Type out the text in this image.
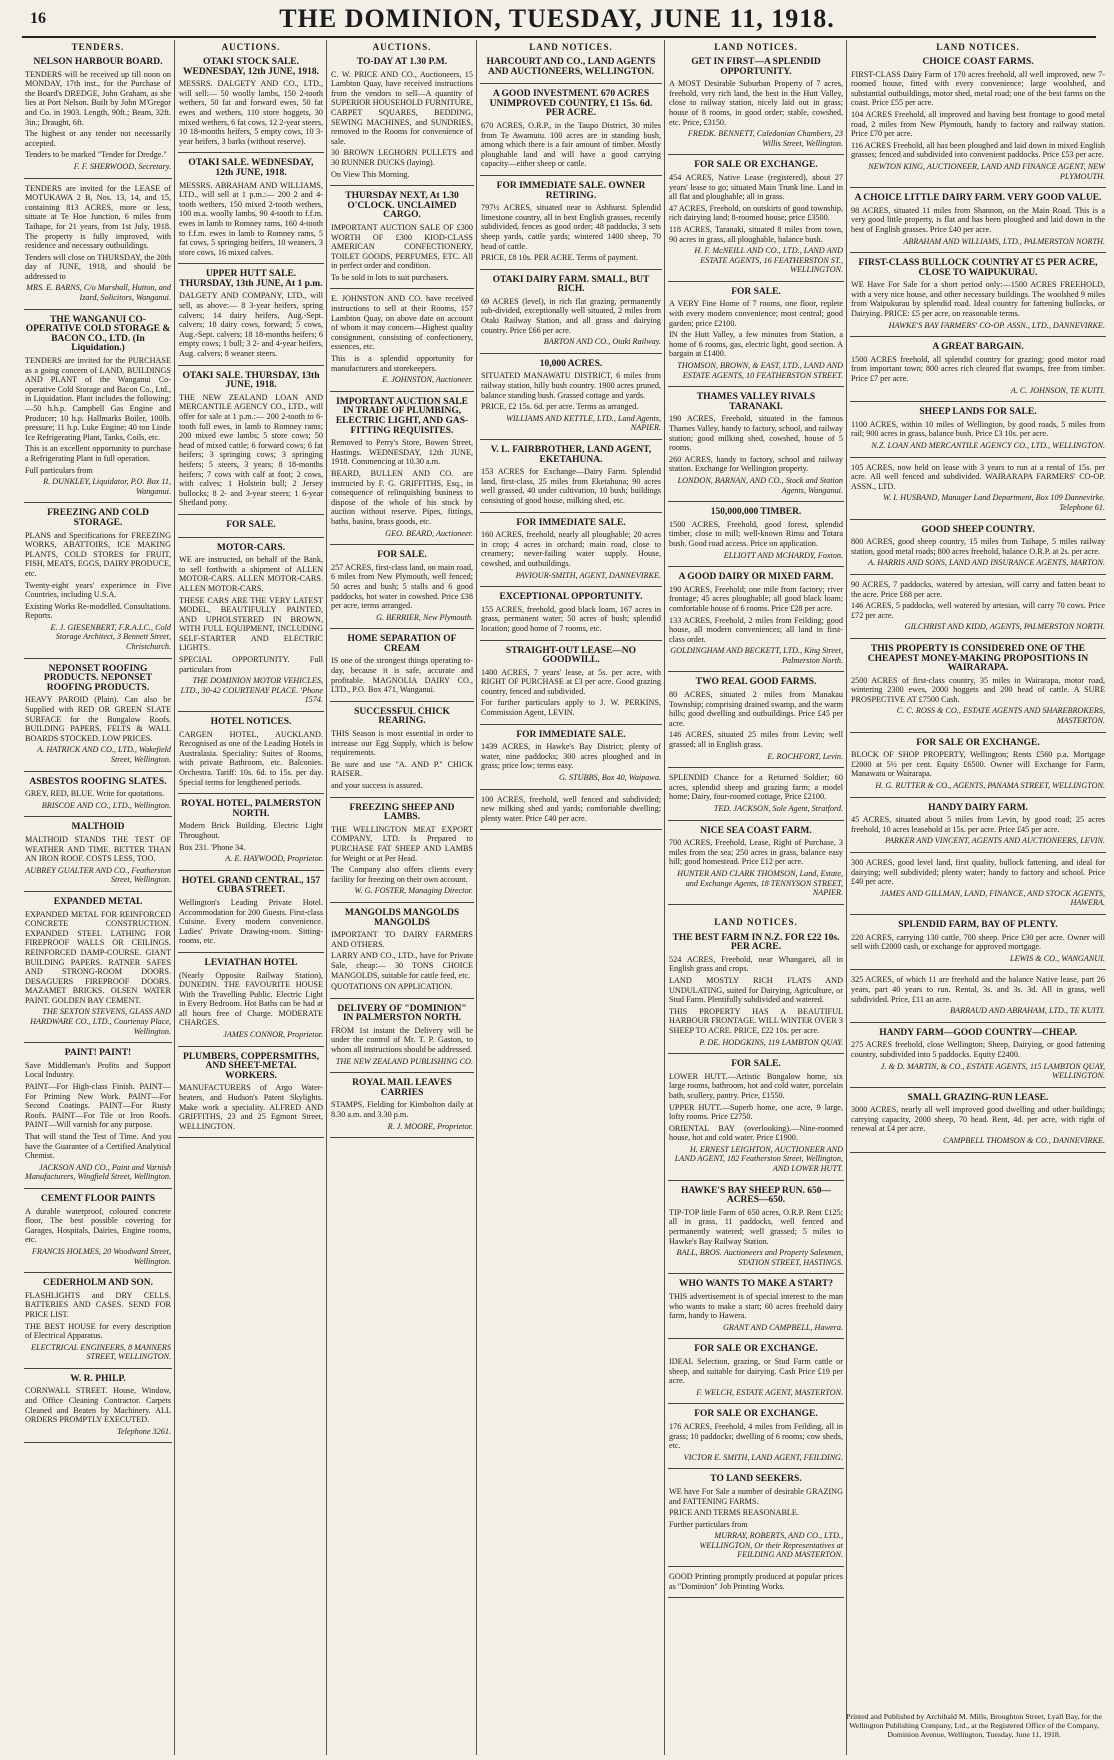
16	THE DOMINION, TUESDAY, JUNE 11, 1918.
TENDERS.
NELSON HARBOUR BOARD.

TENDERS will be received up till noon on MONDAY, 17th inst., for the Purchase of the Board's DREDGE, John Graham, as she lies at Port Nelson. Built by John M'Gregor and Co. in 1903. Length, 90ft.; Beam, 32ft. 3in.; Draught, 6ft.

The highest or any tender not necessarily accepted.

Tenders to be marked "Tender for Dredge."

F. F. SHERWOOD, Secretary.

TENDERS are invited for the LEASE of MOTUKAWA 2 B, Nos. 13, 14, and 15, containing 813 ACRES, more or less, situate at Te Hoe Junction, 6 miles from Taihape, for 21 years, from 1st July, 1918. The property is fully improved, with residence and necessary outbuildings.

Tenders will close on THURSDAY, the 20th day of JUNE, 1918, and should be addressed to

MRS. E. BARNS, C/o Marshall, Hutton, and Izard, Solicitors, Wanganui.

THE WANGANUI CO-OPERATIVE COLD STORAGE & BACON CO., LTD. (In Liquidation.)

TENDERS are invited for the PURCHASE as a going concern of LAND, BUILDINGS AND PLANT of the Wanganui Co-operative Cold Storage and Bacon Co., Ltd., in Liquidation. Plant includes the following:—50 h.h.p. Campbell Gas Engine and Producer; 10 h.p. Hallmarks Boiler, 100lb. pressure; 11 h.p. Luke Engine; 40 ton Linde Ice Refrigerating Plant, Tanks, Coils, etc.

This is an excellent opportunity to purchase a Refrigerating Plant in full operation.

Full particulars from

R. DUNKLEY, Liquidator, P.O. Box 11, Wanganui.

FREEZING AND COLD STORAGE.

PLANS and Specifications for FREEZING WORKS, ABATTOIRS, ICE MAKING PLANTS, COLD STORES for FRUIT, FISH, MEATS, EGGS, DAIRY PRODUCE, etc.

Twenty-eight years' experience in Five Countries, including U.S.A.

Existing Works Re-modelled. Consultations. Reports.

E. J. GIESENBERT, F.R.A.I.C., Cold Storage Architect, 3 Bennett Street, Christchurch.

NEPONSET ROOFING PRODUCTS. NEPONSET ROOFING PRODUCTS.

HEAVY PAROID (Plain). Can also be Supplied with RED OR GREEN SLATE SURFACE for the Bungalow Roofs. BUILDING PAPERS, FELTS & WALL BOARDS STOCKED. LOW PRICES.

A. HATRICK AND CO., LTD., Wakefield Street, Wellington.

ASBESTOS ROOFING SLATES.

GREY, RED, BLUE. Write for quotations.

BRISCOE AND CO., LTD., Wellington.

MALTHOID

MALTHOID STANDS THE TEST OF WEATHER AND TIME. BETTER THAN AN IRON ROOF. COSTS LESS, TOO.

AUBREY GUALTER AND CO., Featherston Street, Wellington.

EXPANDED METAL

EXPANDED METAL FOR REINFORCED CONCRETE CONSTRUCTION. EXPANDED STEEL LATHING FOR FIREPROOF WALLS OR CEILINGS. REINFORCED DAMP-COURSE. GIANT BUILDING PAPERS. RATNER SAFES AND STRONG-ROOM DOORS. DESAGUERS FIREPROOF DOORS. MAZAMET BRICKS. OLSEN WATER PAINT. GOLDEN BAY CEMENT.

THE SEXTON STEVENS, GLASS AND HARDWARE CO., LTD., Courtenay Place, Wellington.

PAINT! PAINT!

Save Middleman's Profits and Support Local Industry.

PAINT—For High-class Finish. PAINT—For Priming New Work. PAINT—For Second Coatings. PAINT—For Rusty Roofs. PAINT—For Tile or Iron Roofs. PAINT—Will varnish for any purpose.

That will stand the Test of Time. And you have the Guarantee of a Certified Analytical Chemist.

JACKSON AND CO., Paint and Varnish Manufacturers, Wingfield Street, Wellington.

CEMENT FLOOR PAINTS

A durable waterproof, coloured concrete floor, The best possible covering for Garages, Hospitals, Dairies, Engine rooms, etc.

FRANCIS HOLMES, 20 Woodward Street, Wellington.

CEDERHOLM AND SON.

FLASHLIGHTS and DRY CELLS. BATTERIES AND CASES. SEND FOR PRICE LIST.

THE BEST HOUSE for every description of Electrical Apparatus.

ELECTRICAL ENGINEERS, 8 MANNERS STREET, WELLINGTON.

W. R. PHILP.

CORNWALL STREET. House, Window, and Office Cleaning Contractor. Carpets Cleaned and Beaten by Machinery. ALL ORDERS PROMPTLY EXECUTED.

Telephone 3261.

AUCTIONS.
OTAKI STOCK SALE. WEDNESDAY, 12th JUNE, 1918.

MESSRS. DALGETY AND CO., LTD., will sell:— 50 woolly lambs, 150 2-tooth wethers, 50 fat and forward ewes, 50 fat ewes and wethers, 110 store hoggets, 30 mixed wethers, 6 fat cows, 12 2-year steers, 10 18-months heifers, 5 empty cows, 10 3-year heifers, 3 barks (without reserve).

OTAKI SALE. WEDNESDAY, 12th JUNE, 1918.

MESSRS. ABRAHAM AND WILLIAMS, LTD., will sell at 1 p.m.:— 200 2 and 4-tooth wethers, 150 mixed 2-tooth wethers, 100 m.a. woolly lambs, 90 4-tooth to f.f.m. ewes in lamb to Romney rams, 160 4-tooth to f.f.m. ewes in lamb to Romney rams, 5 fat cows, 5 springing heifers, 10 weaners, 3 store cows, 16 mixed calves.

UPPER HUTT SALE. THURSDAY, 13th JUNE, At 1 p.m.

DALGETY AND COMPANY, LTD., will sell, as above:— 8 3-year heifers, spring calvers; 14 dairy heifers, Aug.-Sept. calvers; 18 dairy cows, forward; 5 cows, Aug.-Sept. calvers; 18 18-months heifers; 6 empty cows; 1 bull; 3 2- and 4-year heifers, Aug. calvers; 8 weaner steers.

OTAKI SALE. THURSDAY, 13th JUNE, 1918.

THE NEW ZEALAND LOAN AND MERCANTILE AGENCY CO., LTD., will offer for sale at 1 p.m.:— 200 2-tooth to 6-tooth full ewes, in lamb to Romney rams; 200 mixed ewe lambs; 5 store cows; 50 head of mixed cattle; 6 forward cows; 6 fat heifers; 3 springing cows; 3 springing heifers; 5 steers, 3 years; 8 18-months heifers; 7 cows with calf at foot; 2 cows, with calves; 1 Holstein bull; 2 Jersey bullocks; 8 2- and 3-year steers; 1 6-year Shetland pony.

FOR SALE.
MOTOR-CARS.

WE are instructed, on behalf of the Bank, to sell forthwith a shipment of ALLEN MOTOR-CARS. ALLEN MOTOR-CARS. ALLEN MOTOR-CARS.

THESE CARS ARE THE VERY LATEST MODEL, BEAUTIFULLY PAINTED, AND UPHOLSTERED IN BROWN, WITH FULL EQUIPMENT, INCLUDING SELF-STARTER AND ELECTRIC LIGHTS.

SPECIAL OPPORTUNITY. Full particulars from

THE DOMINION MOTOR VEHICLES, LTD., 30-42 COURTENAY PLACE. 'Phone 1574.

HOTEL NOTICES.

CARGEN HOTEL, AUCKLAND. Recognised as one of the Leading Hotels in Australasia. Speciality: Suites of Rooms, with private Bathroom, etc. Balconies. Orchestra. Tariff: 10s. 6d. to 15s. per day. Special terms for lengthened periods.

ROYAL HOTEL, PALMERSTON NORTH.

Modern Brick Building. Electric Light Throughout.

Box 231. 'Phone 34.

A. E. HAYWOOD, Proprietor.

HOTEL GRAND CENTRAL, 157 CUBA STREET.

Wellington's Leading Private Hotel. Accommodation for 200 Guests. First-class Cuisine. Every modern convenience. Ladies' Private Drawing-room. Sitting-rooms, etc.

LEVIATHAN HOTEL

(Nearly Opposite Railway Station), DUNEDIN. THE FAVOURITE HOUSE With the Travelling Public. Electric Light in Every Bedroom. Hot Baths can be had at all hours free of Charge. MODERATE CHARGES.

JAMES CONNOR, Proprietor.

PLUMBERS, COPPERSMITHS, AND SHEET-METAL WORKERS.

MANUFACTURERS of Argo Water-heaters, and Hudson's Patent Skylights. Make work a speciality. ALFRED AND GRIFFITHS, 23 and 25 Egmont Street, WELLINGTON.

AUCTIONS.
TO-DAY AT 1.30 P.M.

C. W. PRICE AND CO., Auctioneers, 15 Lambton Quay, have received instructions from the vendors to sell—A quantity of SUPERIOR HOUSEHOLD FURNITURE, CARPET SQUARES, BEDDING, SEWING MACHINES, and SUNDRIES, removed to the Rooms for convenience of sale.

30 BROWN LEGHORN PULLETS and 30 RUNNER DUCKS (laying).

On View This Morning.

THURSDAY NEXT, At 1.30 O'CLOCK. UNCLAIMED CARGO.

IMPORTANT AUCTION SALE OF £300 WORTH OF £300 KIOD-CLASS AMERICAN CONFECTIONERY, TOILET GOODS, PERFUMES, ETC. All in perfect order and condition.

To be sold in lots to suit purchasers.

E. JOHNSTON AND CO. have received instructions to sell at their Rooms, 157 Lambton Quay, on above date on account of whom it may concern—Highest quality consignment, consisting of confectionery, essences, etc.

This is a splendid opportunity for manufacturers and storekeepers.

E. JOHNSTON, Auctioneer.

IMPORTANT AUCTION SALE IN TRADE OF PLUMBING, ELECTRIC LIGHT, AND GAS-FITTING REQUISITES.

Removed to Perry's Store, Bowen Street, Hastings. WEDNESDAY, 12th JUNE, 1918. Commencing at 10.30 a.m.

BEARD, BULLEN AND CO. are instructed by F. G. GRIFFITHS, Esq., in consequence of relinquishing business to dispose of the whole of his stock by auction without reserve. Pipes, fittings, baths, basins, brass goods, etc.

GEO. BEARD, Auctioneer.

FOR SALE.

257 ACRES, first-class land, on main road, 6 miles from New Plymouth, well fenced; 50 acres and bush; 5 stalls and 6 good paddocks, hot water in cowshed. Price £38 per acre, terms arranged.

G. BERRIER, New Plymouth.

HOME SEPARATION OF CREAM

IS one of the strongest things operating to-day, because it is safe, accurate and profitable. MAGNOLIA DAIRY CO., LTD., P.O. Box 471, Wanganui.

SUCCESSFUL CHICK REARING.

THIS Season is most essential in order to increase our Egg Supply, which is below requirements.

Be sure and use "A. AND P." CHICK RAISER.

and your success is assured.

FREEZING SHEEP AND LAMBS.

THE WELLINGTON MEAT EXPORT COMPANY, LTD. Is Prepared to PURCHASE FAT SHEEP AND LAMBS for Weight or at Per Head.

The Company also offers clients every facility for freezing on their own account.

W. G. FOSTER, Managing Director.

MANGOLDS MANGOLDS MANGOLDS

IMPORTANT TO DAIRY FARMERS AND OTHERS.

LARRY AND CO., LTD., have for Private Sale, cheap:— 30 TONS CHOICE MANGOLDS, suitable for cattle feed, etc.

QUOTATIONS ON APPLICATION.

DELIVERY OF "DOMINION" IN PALMERSTON NORTH.

FROM 1st instant the Delivery will be under the control of Mr. T. P. Gaston, to whom all instructions should be addressed.

THE NEW ZEALAND PUBLISHING CO.

ROYAL MAIL LEAVES CARRIES

STAMPS, Fielding for Kimbolton daily at 8.30 a.m. and 3.30 p.m.

R. J. MOORE, Proprietor.

LAND NOTICES.
HARCOURT AND CO., LAND AGENTS AND AUCTIONEERS, WELLINGTON.
A GOOD INVESTMENT. 670 ACRES UNIMPROVED COUNTRY, £1 15s. 6d. PER ACRE.

670 ACRES, O.R.P., in the Taupo District, 30 miles from Te Awamutu. 100 acres are in standing bush, among which there is a fair amount of timber. Mostly ploughable land and will have a good carrying capacity—either sheep or cattle.

FOR IMMEDIATE SALE. OWNER RETIRING.

797½ ACRES, situated near to Ashhurst. Splendid limestone country, all in best English grasses, recently subdivided, fences as good order; 48 paddocks, 3 sets sheep yards, cattle yards; wintered 1400 sheep, 70 head of cattle.

PRICE, £8 10s. PER ACRE. Terms of payment.

OTAKI DAIRY FARM. SMALL, BUT RICH.

69 ACRES (level), in rich flat grazing, permanently sub-divided, exceptionally well situated, 2 miles from Otaki Railway Station, and all grass and dairying country. Price £66 per acre.

BARTON AND CO., Otaki Railway.

10,000 ACRES.

SITUATED MANAWATU DISTRICT, 6 miles from railway station, hilly bush country. 1900 acres pruned, balance standing bush. Grassed cottage and yards.

PRICE, £2 15s. 6d. per acre. Terms as arranged.

WILLIAMS AND KETTLE, LTD., Land Agents, NAPIER.

V. L. FAIRBROTHER, LAND AGENT, EKETAHUNA.

153 ACRES for Exchange—Dairy Farm. Splendid land, first-class, 25 miles from Eketahuna; 90 acres well grassed, 40 under cultivation, 10 bush; buildings consisting of good house, milking shed, etc.

FOR IMMEDIATE SALE.

160 ACRES, freehold, nearly all ploughable; 20 acres in crop; 4 acres in orchard; main road, close to creamery; never-failing water supply. House, cowshed, and outbuildings.

PAVIOUR-SMITH, AGENT, DANNEVIRKE.

EXCEPTIONAL OPPORTUNITY.

155 ACRES, freehold, good black loam, 167 acres in grass, permanent water; 50 acres of bush; splendid location; good home of 7 rooms, etc.

STRAIGHT-OUT LEASE—NO GOODWILL.

1400 ACRES, 7 years' lease, at 5s. per acre, with RIGHT OF PURCHASE at £3 per acre. Good grazing country, fenced and subdivided.

For further particulars apply to J. W. PERKINS, Commission Agent, LEVIN.

FOR IMMEDIATE SALE.

1439 ACRES, in Hawke's Bay District; plenty of water, nine paddocks; 300 acres ploughed and in grass; price low; terms easy.

G. STUBBS, Box 40, Waipawa.

100 ACRES, freehold, well fenced and subdivided; new milking shed and yards; comfortable dwelling; plenty water. Price £40 per acre.

LAND NOTICES.
GET IN FIRST—A SPLENDID OPPORTUNITY.

A MOST Desirable Suburban Property of 7 acres, freehold, very rich land, the best in the Hutt Valley, close to railway station, nicely laid out in grass; house of 8 rooms, in good order; stable, cowshed, etc. Price, £3150.

FREDK. BENNETT, Caledonian Chambers, 23 Willis Street, Wellington.

FOR SALE OR EXCHANGE.

454 ACRES, Native Lease (registered), about 27 years' lease to go; situated Main Trunk line. Land in all flat and ploughable; all in grass.

47 ACRES, Freehold, on outskirts of good township, rich dairying land; 8-roomed house; price £3500.

118 ACRES, Taranaki, situated 8 miles from town, 90 acres in grass, all ploughable, balance bush.

H. F. McNEILL AND CO., LTD., LAND AND ESTATE AGENTS, 16 FEATHERSTON ST., WELLINGTON.

FOR SALE.

A VERY Fine Home of 7 rooms, one floor, replete with every modern convenience; most central; good garden; price £2100.

IN the Hutt Valley, a few minutes from Station, a home of 6 rooms, gas, electric light, good section. A bargain at £1400.

THOMSON, BROWN, & EAST, LTD., LAND AND ESTATE AGENTS, 10 FEATHERSTON STREET.

THAMES VALLEY RIVALS TARANAKI.

190 ACRES, Freehold, situated in the famous Thames Valley, handy to factory, school, and railway station; good milking shed, cowshed, house of 5 rooms.

260 ACRES, handy to factory, school and railway station. Exchange for Wellington property.

LONDON, BARNAN, AND CO., Stock and Station Agents, Wanganui.

150,000,000 TIMBER.

1500 ACRES, Freehold, good forest, splendid timber, close to mill; well-known Rimu and Totara bush. Good road access. Price on application.

ELLIOTT AND MCHARDY, Foxton.

A GOOD DAIRY OR MIXED FARM.

190 ACRES, Freehold; one mile from factory; river frontage; 45 acres ploughable; all good black loam; comfortable house of 6 rooms. Price £28 per acre.

133 ACRES, Freehold, 2 miles from Feilding; good house, all modern conveniences; all land in first-class order.

GOLDINGHAM AND BECKETT, LTD., King Street, Palmerston North.

TWO REAL GOOD FARMS.

80 ACRES, situated 2 miles from Manakau Township; comprising drained swamp, and the warm hills; good dwelling and outbuildings. Price £45 per acre.

146 ACRES, situated 25 miles from Levin; well grassed; all in English grass.

E. ROCHFORT, Levin.

SPLENDID Chance for a Returned Soldier; 60 acres, splendid sheep and grazing farm; a model home; Dairy, four-roomed cottage, Price £2100.

TED. JACKSON, Sole Agent, Stratford.

NICE SEA COAST FARM.

700 ACRES, Freehold, Lease, Right of Purchase, 3 miles from the sea; 250 acres in grass, balance easy hill; good homestead. Price £12 per acre.

HUNTER AND CLARK THOMSON, Land, Estate, and Exchange Agents, 18 TENNYSON STREET, NAPIER.

LAND NOTICES.
THE BEST FARM IN N.Z. FOR £22 10s. PER ACRE.

524 ACRES, Freehold, near Whangarei, all in English grass and crops.

LAND MOSTLY RICH FLATS AND UNDULATING, suited for Dairying, Agriculture, or Stud Farm. Plentifully subdivided and watered.

THIS PROPERTY HAS A BEAUTIFUL HARBOUR FRONTAGE. WILL WINTER OVER 3 SHEEP TO ACRE. PRICE, £22 10s. per acre.

P. DE. HODGKINS, 119 LAMBTON QUAY.

FOR SALE.

LOWER HUTT.—Artistic Bungalow home, six large rooms, bathroom, hot and cold water, porcelain bath, scullery, pantry. Price, £1550.

UPPER HUTT.—Superb home, one acre, 9 large, lofty rooms. Price £2750.

ORIENTAL BAY (overlooking).—Nine-roomed house, hot and cold water. Price £1900.

H. ERNEST LEIGHTON, AUCTIONEER AND LAND AGENT, 182 Featherston Street, Wellington, AND LOWER HUTT.

HAWKE'S BAY SHEEP RUN. 650—ACRES—650.

TIP-TOP little Farm of 650 acres, O.R.P. Rent £125; all in grass, 11 paddocks, well fenced and permanently watered; well grassed; 5 miles to Hawke's Bay Railway Station.

BALL, BROS. Auctioneers and Property Salesmen, STATION STREET, HASTINGS.

WHO WANTS TO MAKE A START?

THIS advertisement is of special interest to the man who wants to make a start; 60 acres freehold dairy farm, handy to Hawera.

GRANT AND CAMPBELL, Hawera.

FOR SALE OR EXCHANGE.

IDEAL Selection, grazing, or Stud Farm cattle or sheep, and suitable for dairying. Cash Price £19 per acre.

F. WELCH, ESTATE AGENT, MASTERTON.

FOR SALE OR EXCHANGE.

176 ACRES, Freehold, 4 miles from Feilding, all in grass; 10 paddocks; dwelling of 6 rooms; cow sheds, etc.

VICTOR E. SMITH, LAND AGENT, FEILDING.

TO LAND SEEKERS.

WE have For Sale a number of desirable GRAZING and FATTENING FARMS.

PRICE AND TERMS REASONABLE.

Further particulars from

MURRAY, ROBERTS, AND CO., LTD., WELLINGTON, Or their Representatives at FEILDING AND MASTERTON.

GOOD Printing promptly produced at popular prices as "Dominion" Job Printing Works.

LAND NOTICES.
CHOICE COAST FARMS.

FIRST-CLASS Dairy Farm of 170 acres freehold, all well improved, new 7-roomed house, fitted with every convenience; large woolshed, and substantial outbuildings, motor shed, metal road; one of the best farms on the coast. Price £55 per acre.

104 ACRES Freehold, all improved and having best frontage to good metal road, 2 miles from New Plymouth, handy to factory and railway station. Price £70 per acre.

116 ACRES Freehold, all has been ploughed and laid down in mixed English grasses; fenced and subdivided into convenient paddocks. Price £53 per acre.

NEWTON KING, AUCTIONEER, LAND AND FINANCE AGENT, NEW PLYMOUTH.

A CHOICE LITTLE DAIRY FARM. VERY GOOD VALUE.

98 ACRES, situated 11 miles from Shannon, on the Main Road. This is a very good little property, is flat and has been ploughed and laid down in the best of English grasses. Price £40 per acre.

ABRAHAM AND WILLIAMS, LTD., PALMERSTON NORTH.

FIRST-CLASS BULLOCK COUNTRY AT £5 PER ACRE, CLOSE TO WAIPUKURAU.

WE Have For Sale for a short period only:—1500 ACRES FREEHOLD, with a very nice house, and other necessary buildings. The woolshed 9 miles from Waipukurau by splendid road. Ideal country for fattening bullocks, or Dairying. PRICE: £5 per acre, on reasonable terms.

HAWKE'S BAY FARMERS' CO-OP. ASSN., LTD., DANNEVIRKE.

A GREAT BARGAIN.

1500 ACRES freehold, all splendid country for grazing; good motor road from important town; 800 acres rich cleared flat swamps, free from timber. Price £7 per acre.

A. C. JOHNSON, TE KUITI.

SHEEP LANDS FOR SALE.

1100 ACRES, within 10 miles of Wellington, by good roads, 5 miles from rail; 900 acres in grass, balance bush. Price £3 10s. per acre.

N.Z. LOAN AND MERCANTILE AGENCY CO., LTD., WELLINGTON.

105 ACRES, now held on lease with 3 years to run at a rental of 15s. per acre. All well fenced and subdivided. WAIRARAPA FARMERS' CO-OP. ASSN., LTD.

W. I. HUSBAND, Manager Land Department, Box 109 Dannevirke. Telephone 61.

GOOD SHEEP COUNTRY.

800 ACRES, good sheep country, 15 miles from Taihape, 5 miles railway station, good metal roads; 800 acres freehold, balance O.R.P. at 2s. per acre.

A. HARRIS AND SONS, LAND AND INSURANCE AGENTS, MARTON.

90 ACRES, 7 paddocks, watered by artesian, will carry and fatten beast to the acre. Price £68 per acre.

146 ACRES, 5 paddocks, well watered by artesian, will carry 70 cows. Price £72 per acre.

GILCHRIST AND KIDD, AGENTS, PALMERSTON NORTH.

THIS PROPERTY IS CONSIDERED ONE OF THE CHEAPEST MONEY-MAKING PROPOSITIONS IN WAIRARAPA.

2500 ACRES of first-class country, 35 miles in Wairarapa, motor road, wintering 2300 ewes, 2000 hoggets and 200 head of cattle. A SURE PROSPECTIVE AT £7500 Cash.

C. C. ROSS & CO., ESTATE AGENTS AND SHAREBROKERS, MASTERTON.

FOR SALE OR EXCHANGE.

BLOCK OF SHOP PROPERTY, Wellington; Rents £560 p.a. Mortgage £2000 at 5½ per cent. Equity £6500. Owner will Exchange for Farm, Manawatu or Wairarapa.

H. G. RUTTER & CO., AGENTS, PANAMA STREET, WELLINGTON.

HANDY DAIRY FARM.

45 ACRES, situated about 5 miles from Levin, by good road; 25 acres freehold, 10 acres leasehold at 15s. per acre. Price £45 per acre.

PARKER AND VINCENT, AGENTS AND AUCTIONEERS, LEVIN.

300 ACRES, good level land, first quality, bullock fattening, and ideal for dairying; well subdivided; plenty water; handy to factory and school. Price £40 per acre.

JAMES AND GILLMAN, LAND, FINANCE, AND STOCK AGENTS, HAWERA.

SPLENDID FARM, BAY OF PLENTY.

220 ACRES, carrying 130 cattle, 700 sheep. Price £30 per acre. Owner will sell with £2000 cash, or exchange for approved mortgage.

LEWIS & CO., WANGANUI.

325 ACRES, of which 11 are freehold and the balance Native lease, part 26 years, part 40 years to run. Rental, 3s. and 3s. 3d. All in grass, well subdivided. Price, £11 an acre.

BARRAUD AND ABRAHAM, LTD., TE KUITI.

HANDY FARM—GOOD COUNTRY—CHEAP.

275 ACRES freehold, close Wellington; Sheep, Dairying, or good fattening country, subdivided into 5 paddocks. Equity £2400.

J. & D. MARTIN, & CO., ESTATE AGENTS, 115 LAMBTON QUAY, WELLINGTON.

SMALL GRAZING-RUN LEASE.

3000 ACRES, nearly all well improved good dwelling and other buildings; carrying capacity, 2000 sheep, 70 head. Rent, 4d. per acre, with right of renewal at £4 per acre.

CAMPBELL THOMSON & CO., DANNEVIRKE.

Printed and Published by Archibald M. Mills, Broughton Street, Lyall Bay, for the Wellington Publishing Company, Ltd., at the Registered Office of the Company, Dominion Avenue, Wellington, Tuesday, June 11, 1918.
